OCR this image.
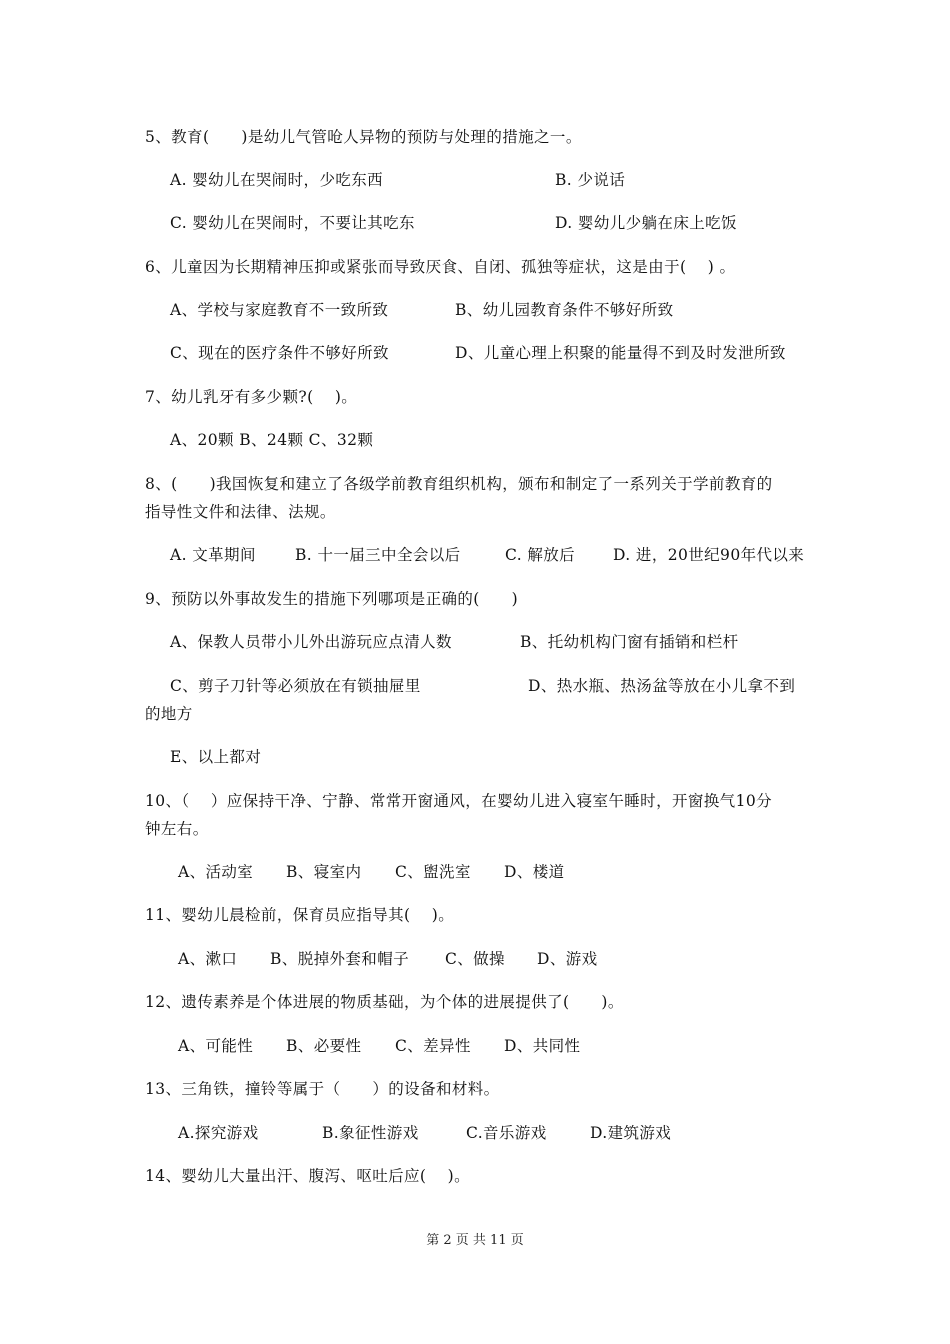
5、教育(      )是幼儿气管呛人异物的预防与处理的措施之一。
A. 婴幼儿在哭闹时，少吃东西	B. 少说话
C. 婴幼儿在哭闹时，不要让其吃东	D. 婴幼儿少躺在床上吃饭
6、儿童因为长期精神压抑或紧张而导致厌食、自闭、孤独等症状，这是由于(    ) 。
A、学校与家庭教育不一致所致	B、幼儿园教育条件不够好所致
C、现在的医疗条件不够好所致	D、儿童心理上积聚的能量得不到及时发泄所致
7、幼儿乳牙有多少颗?(    )。
A、20颗 B、24颗 C、32颗
8、(      )我国恢复和建立了各级学前教育组织机构，颁布和制定了一系列关于学前教育的
指导性文件和法律、法规。
A. 文革期间	B. 十一届三中全会以后	C. 解放后 D. 进，20世纪90年代以来
9、预防以外事故发生的措施下列哪项是正确的(      )
A、保教人员带小儿外出游玩应点清人数	B、托幼机构门窗有插销和栏杆
C、剪子刀针等必须放在有锁抽屉里	D、热水瓶、热汤盆等放在小儿拿不到
的地方
E、以上都对
10、（    ）应保持干净、宁静、常常开窗通风，在婴幼儿进入寝室午睡时，开窗换气10分
钟左右。
A、活动室 B、寝室内 C、盥洗室 D、楼道
11、婴幼儿晨检前，保育员应指导其(    )。
A、漱口 B、脱掉外套和帽子 C、做操 D、游戏
12、遗传素养是个体进展的物质基础，为个体的进展提供了(      )。
A、可能性 B、必要性 C、差异性 D、共同性
13、三角铁，撞铃等属于（      ）的设备和材料。
A.探究游戏	B.象征性游戏	C.音乐游戏	D.建筑游戏
14、婴幼儿大量出汗、腹泻、呕吐后应(    )。
第 2 页 共 11 页
